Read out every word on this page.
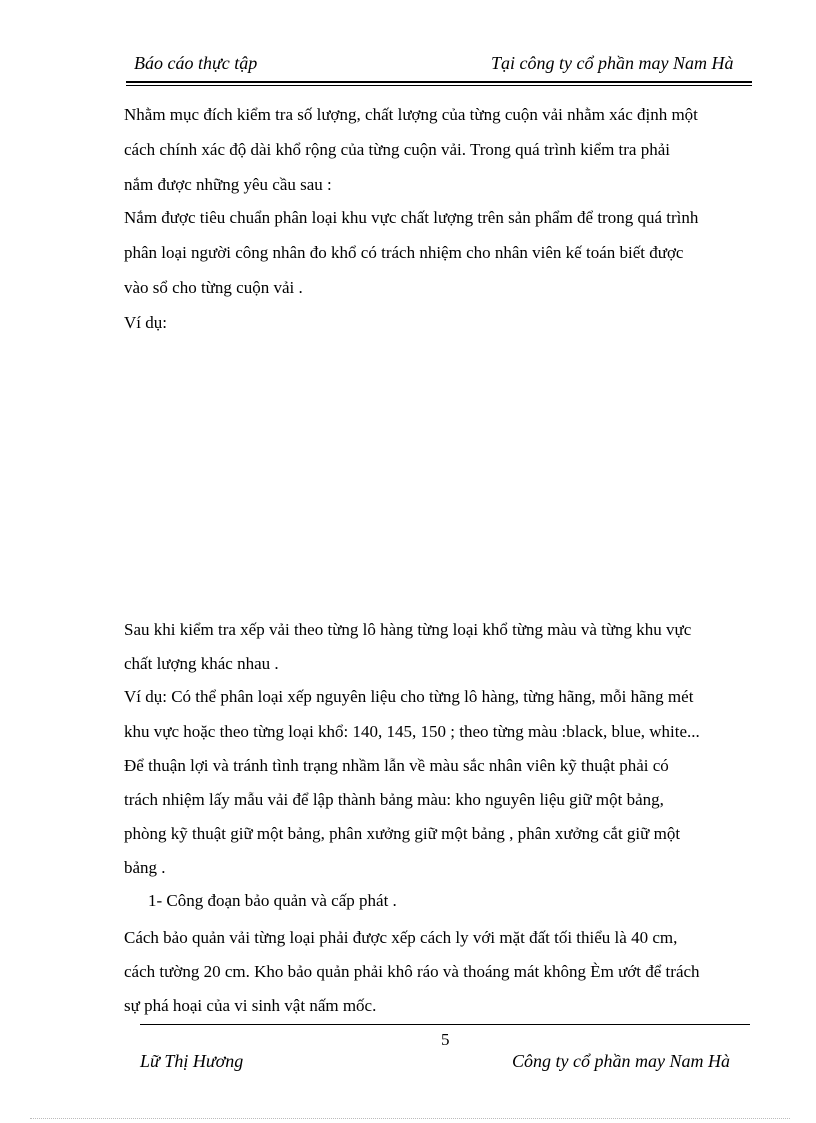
Báo cáo thực tập	Tại công ty cổ phần may Nam Hà
Nhằm mục đích kiểm tra số lượng, chất lượng của từng cuộn vải nhằm xác định một
cách chính xác độ dài khổ rộng của từng cuộn vải. Trong quá trình kiểm tra phải
nắm được những yêu cầu sau :
Nắm được tiêu chuẩn phân loại khu vực chất lượng trên sản phẩm để trong quá trình
phân loại người công nhân đo khổ có trách nhiệm cho nhân viên kế toán biết được
vào sổ cho từng cuộn vải .
Ví dụ:
Sau khi kiểm tra xếp vải theo từng lô hàng từng loại khổ từng màu và từng khu vực
chất lượng khác nhau .
Ví dụ: Có thể phân loại xếp nguyên liệu cho từng lô hàng, từng hãng, mỗi hãng mét
khu vực hoặc theo từng loại khổ: 140, 145, 150 ; theo từng màu :black, blue, white...
Để thuận lợi và tránh tình trạng nhầm lẫn về màu sắc nhân viên kỹ thuật phải có
trách nhiệm lấy mẫu vải để lập thành bảng màu: kho nguyên liệu giữ một bảng,
phòng kỹ thuật giữ một bảng, phân xưởng giữ một bảng , phân xưởng cắt giữ một
bảng .
1- Công đoạn bảo quản và cấp phát .
Cách bảo quản vải từng loại phải được xếp cách ly với mặt đất tối thiểu là 40 cm,
cách tường 20 cm. Kho bảo quản phải khô ráo và thoáng mát không Èm ướt để trách
sự phá hoại của vi sinh vật nấm mốc.
5
Lữ Thị Hương	Công ty cổ phần may Nam Hà
